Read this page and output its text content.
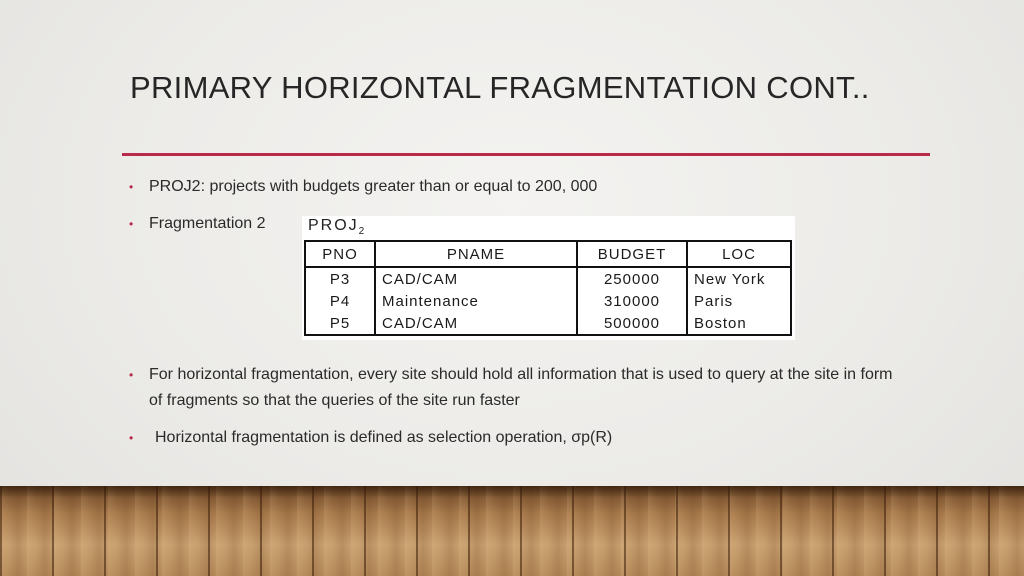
PRIMARY HORIZONTAL FRAGMENTATION CONT..
• PROJ2: projects with budgets greater than or equal to 200, 000
• Fragmentation 2	$PROJ_2$
PNO	PNAME	BUDGET	LOC
P3	CAD/CAM	250000	New York
P4	Maintenance	310000	Paris
P5	CAD/CAM	500000	Boston
• For horizontal fragmentation, every site should hold all information that is used to query at the site in form of fragments so that the queries of the site run faster
• Horizontal fragmentation is defined as selection operation, σp(R)
